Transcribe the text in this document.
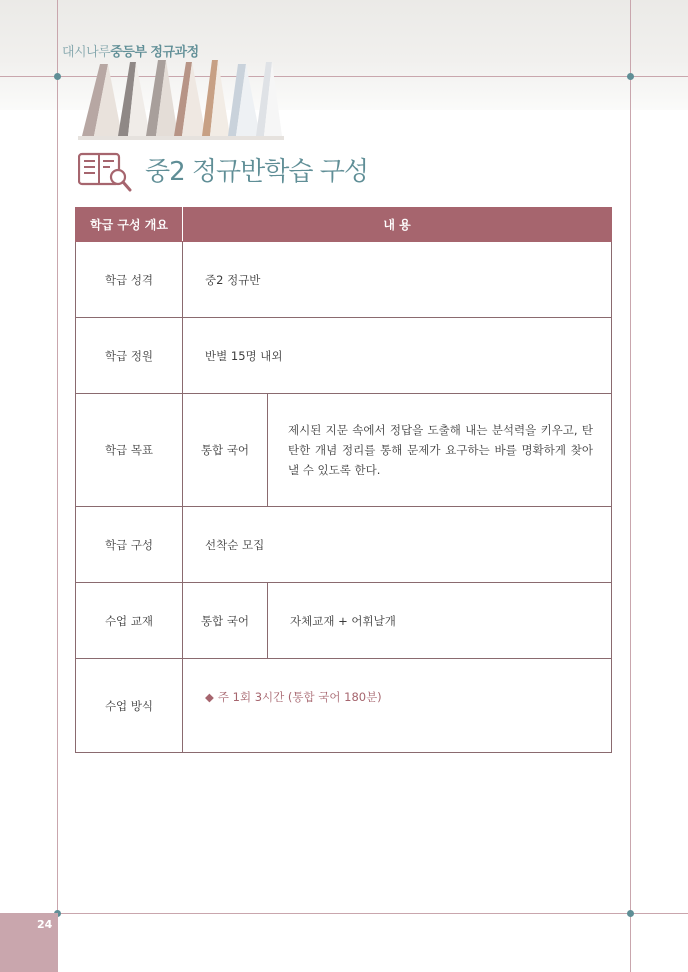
대시나루중등부 정규과정
중2 정규반학습 구성
학급 구성 개요	내 용	
학급 성격	중2 정규반	
학급 정원	반별 15명 내외	
학급 목표	통합 국어	제시된 지문 속에서 정답을 도출해 내는 분석력을 키우고, 탄탄한 개념 정리를 통해 문제가 요구하는 바를 명확하게 찾아낼 수 있도록 한다.
학급 구성	선착순 모집	
수업 교재	통합 국어	자체교재 + 어휘날개
수업 방식	◆ 주 1회 3시간 (통합 국어 180분)	
24
